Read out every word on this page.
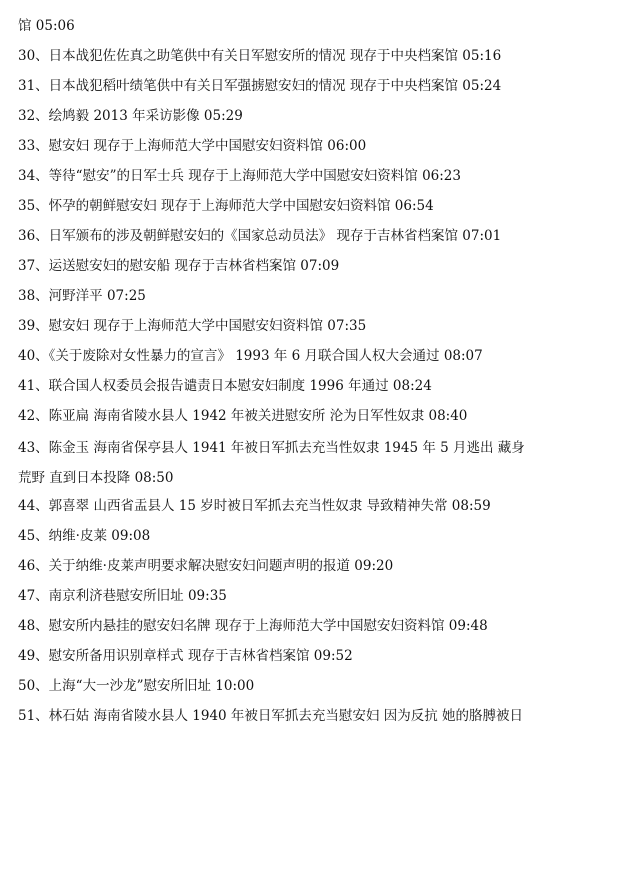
馆 05:06
30、日本战犯佐佐真之助笔供中有关日军慰安所的情况 现存于中央档案馆 05:16
31、日本战犯稻叶绩笔供中有关日军强掳慰安妇的情况 现存于中央档案馆 05:24
32、绘鸠毅 2013 年采访影像 05:29
33、慰安妇 现存于上海师范大学中国慰安妇资料馆 06:00
34、等待“慰安”的日军士兵 现存于上海师范大学中国慰安妇资料馆 06:23
35、怀孕的朝鲜慰安妇 现存于上海师范大学中国慰安妇资料馆 06:54
36、日军颁布的涉及朝鲜慰安妇的《国家总动员法》 现存于吉林省档案馆 07:01
37、运送慰安妇的慰安船 现存于吉林省档案馆 07:09
38、河野洋平 07:25
39、慰安妇 现存于上海师范大学中国慰安妇资料馆 07:35
40、《关于废除对女性暴力的宣言》 1993 年 6 月联合国人权大会通过 08:07
41、联合国人权委员会报告谴责日本慰安妇制度 1996 年通过 08:24
42、陈亚扁 海南省陵水县人 1942 年被关进慰安所 沦为日军性奴隶 08:40
43、陈金玉 海南省保亭县人 1941 年被日军抓去充当性奴隶 1945 年 5 月逃出 藏身
荒野 直到日本投降 08:50
44、郭喜翠 山西省盂县人 15 岁时被日军抓去充当性奴隶 导致精神失常 08:59
45、纳维·皮莱 09:08
46、关于纳维·皮莱声明要求解决慰安妇问题声明的报道 09:20
47、南京利济巷慰安所旧址 09:35
48、慰安所内悬挂的慰安妇名牌 现存于上海师范大学中国慰安妇资料馆 09:48
49、慰安所备用识别章样式 现存于吉林省档案馆 09:52
50、上海“大一沙龙”慰安所旧址 10:00
51、林石姑 海南省陵水县人 1940 年被日军抓去充当慰安妇 因为反抗 她的胳膊被日
